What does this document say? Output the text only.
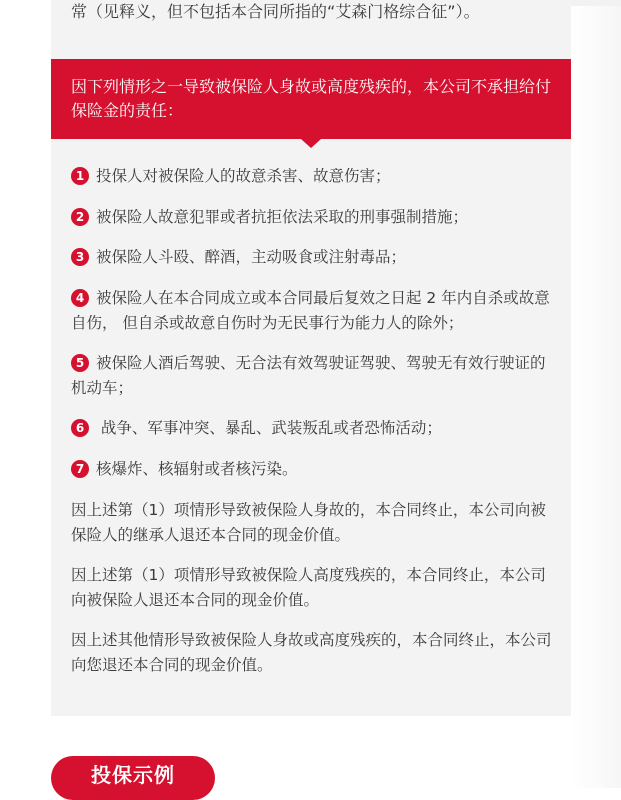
常（见释义，但不包括本合同所指的“艾森门格综合征”）。
因下列情形之一导致被保险人身故或高度残疾的，本公司不承担给付保险金的责任：
1 投保人对被保险人的故意杀害、故意伤害；
2 被保险人故意犯罪或者抗拒依法采取的刑事强制措施；
3 被保险人斗殴、醉酒，主动吸食或注射毒品；
4 被保险人在本合同成立或本合同最后复效之日起 2 年内自杀或故意自伤， 但自杀或故意自伤时为无民事行为能力人的除外；
5 被保险人酒后驾驶、无合法有效驾驶证驾驶、驾驶无有效行驶证的机动车；
6 战争、军事冲突、暴乱、武装叛乱或者恐怖活动；
7 核爆炸、核辐射或者核污染。
因上述第（1）项情形导致被保险人身故的，本合同终止，本公司向被保险人的继承人退还本合同的现金价值。
因上述第（1）项情形导致被保险人高度残疾的，本合同终止，本公司向被保险人退还本合同的现金价值。
因上述其他情形导致被保险人身故或高度残疾的，本合同终止，本公司向您退还本合同的现金价值。
投保示例
